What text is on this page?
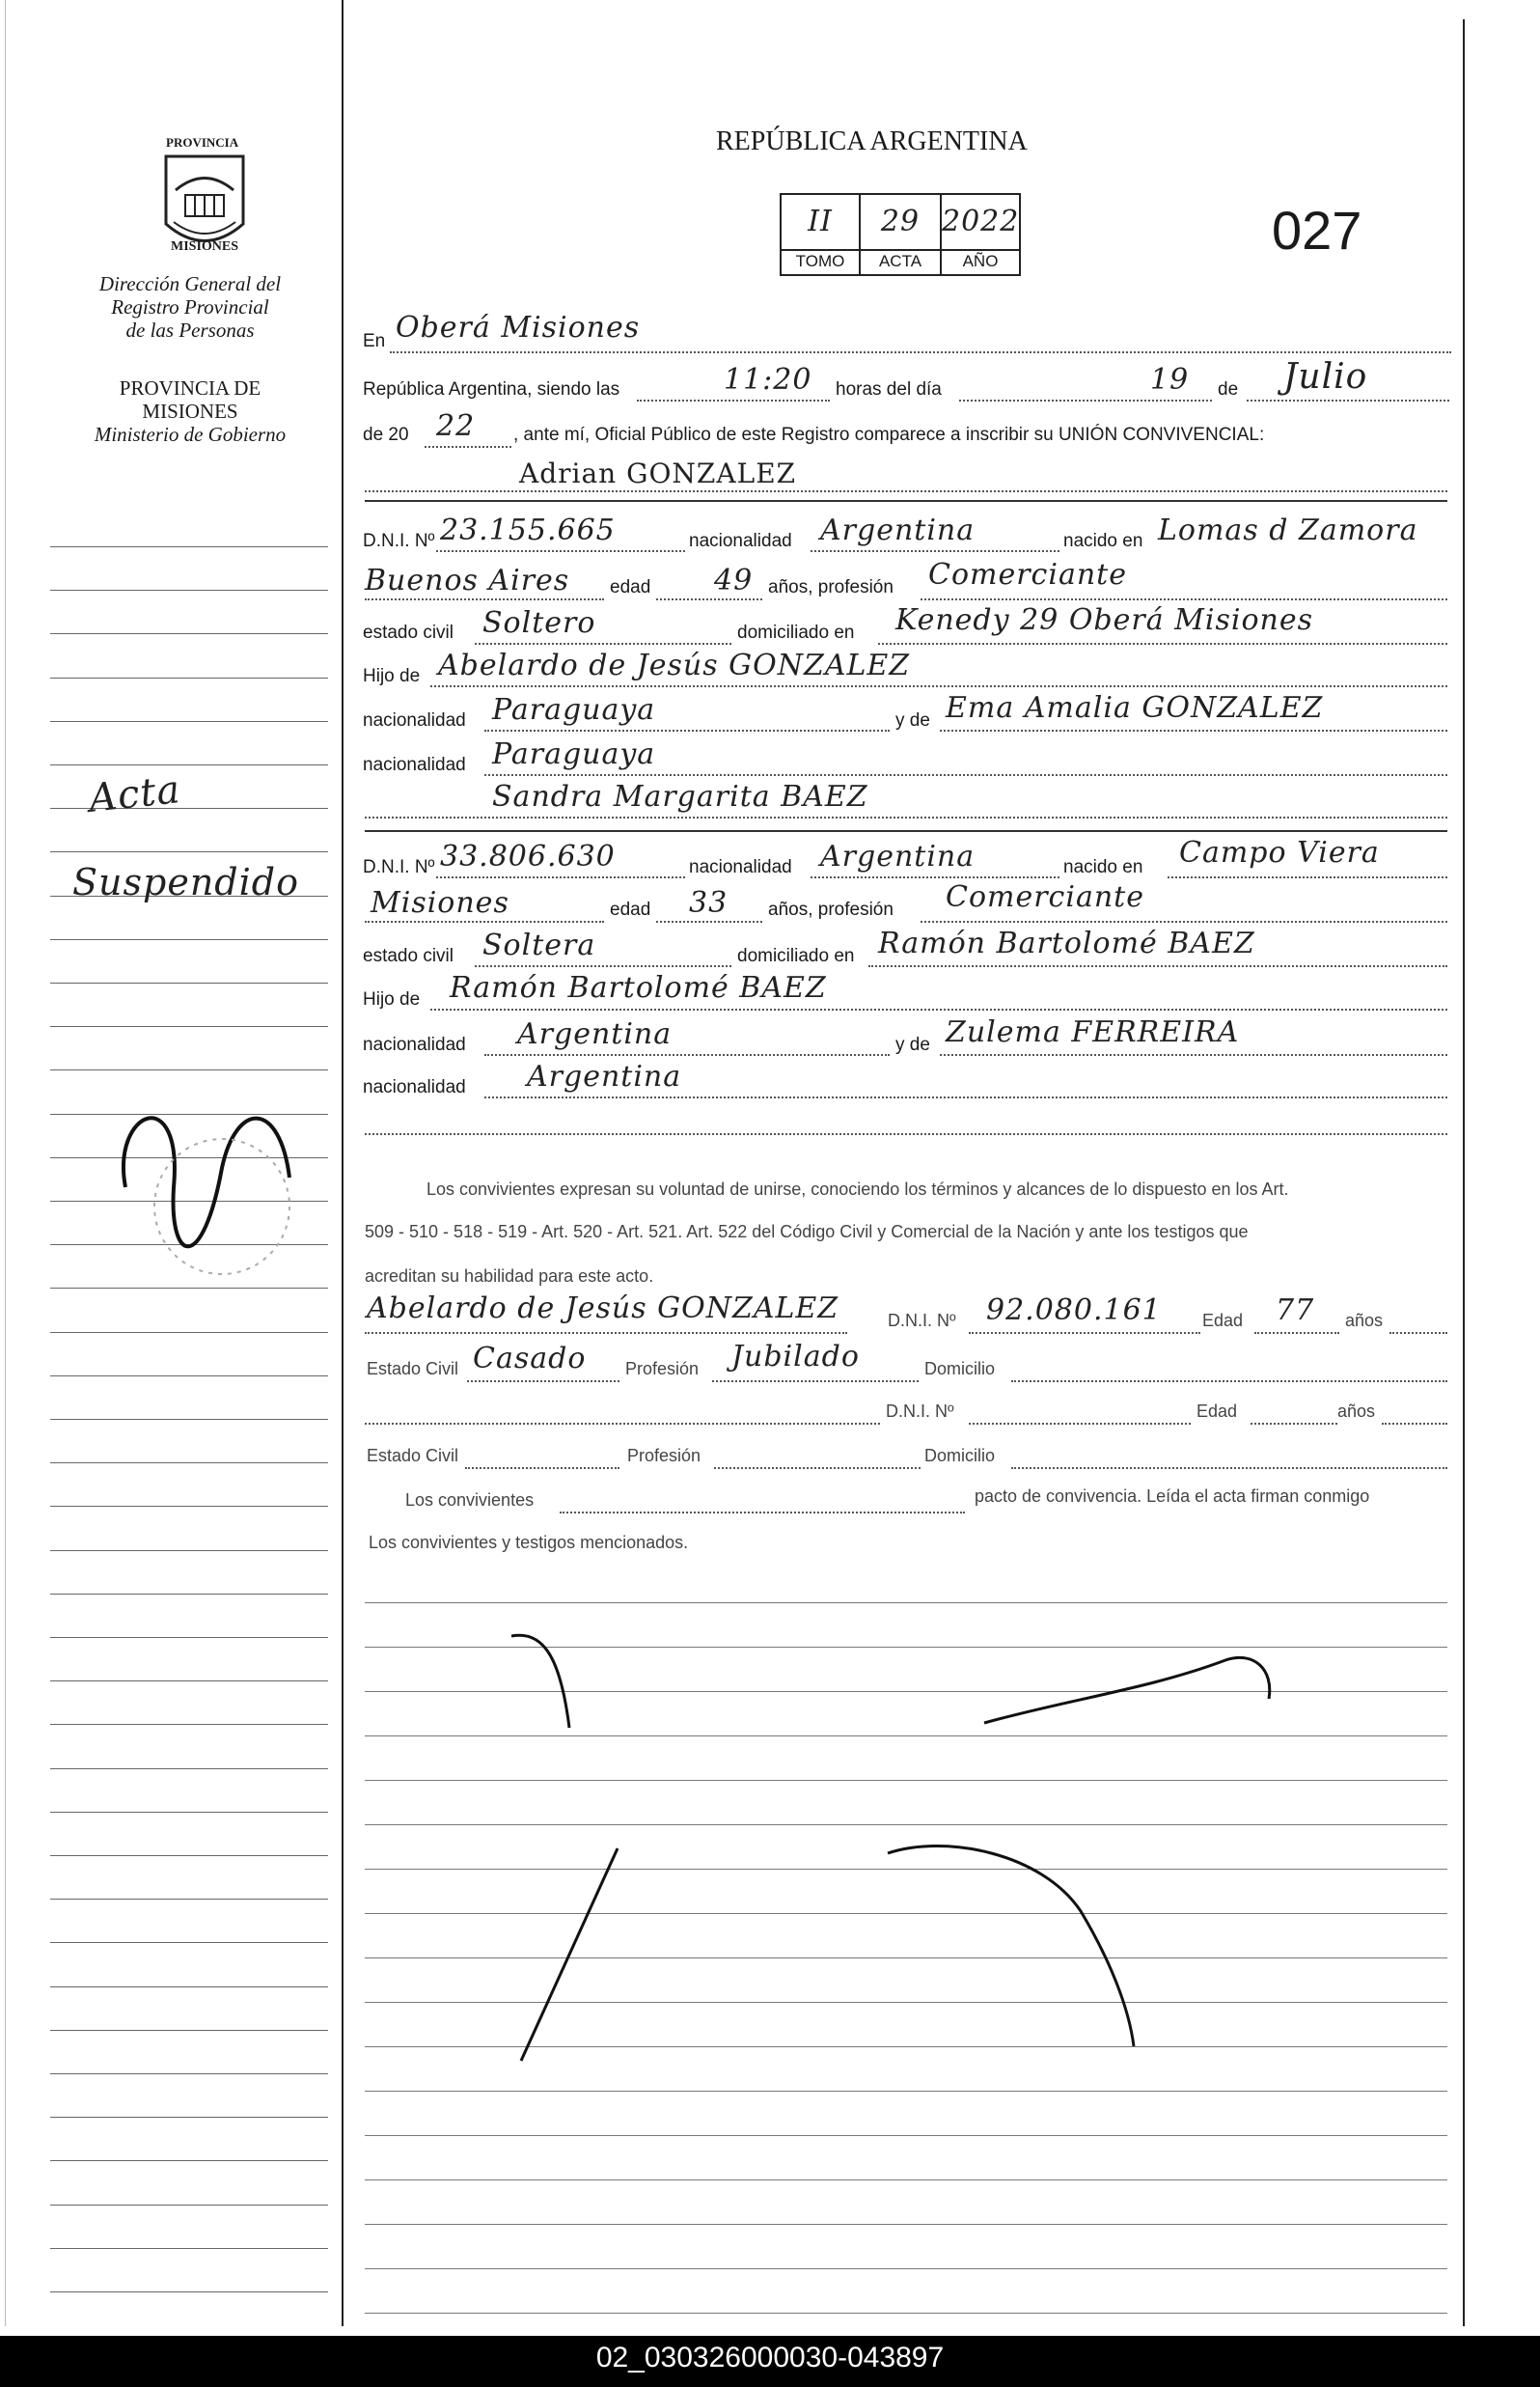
PROVINCIA
MISIONES
Dirección General del
Registro Provincial
de las Personas
PROVINCIA DE
MISIONES
Ministerio de Gobierno
Acta
Suspendido
REPÚBLICA ARGENTINA
II	29 2022
TOMO	ACTA	AÑO
027
En Oberá Misiones
República Argentina, siendo las	11:20 horas del día	19 de Julio
de 20 22 , ante mí, Oficial Público de este Registro comparece a inscribir su UNIÓN CONVIVENCIAL:
Adrian GONZALEZ
D.N.I. Nº 23.155.665	nacionalidad Argentina	nacido en Lomas d Zamora
Buenos Aires edad 49 años, profesión Comerciante
estado civil Soltero	domiciliado en Kenedy 29 Oberá Misiones
Hijo de Abelardo de Jesús GONZALEZ
nacionalidad Paraguaya	y de Ema Amalia GONZALEZ
nacionalidad Paraguaya
Sandra Margarita BAEZ
D.N.I. Nº 33.806.630	nacionalidad Argentina	nacido en Campo Viera
Misiones	edad 33 años, profesión Comerciante
estado civil Soltera	domiciliado en Ramón Bartolomé BAEZ
Hijo de Ramón Bartolomé BAEZ
nacionalidad Argentina	y de Zulema FERREIRA
nacionalidad Argentina
Los convivientes expresan su voluntad de unirse, conociendo los términos y alcances de lo dispuesto en los Art.
509 - 510 - 518 - 519 - Art. 520 - Art. 521. Art. 522 del Código Civil y Comercial de la Nación y ante los testigos que
acreditan su habilidad para este acto.
Abelardo de Jesús GONZALEZ	D.N.I. Nº 92.080.161 Edad 77 años
Estado Civil Casado Profesión Jubilado	Domicilio
D.N.I. Nº	Edad	años
Estado Civil	Profesión	Domicilio
Los convivientes	pacto de convivencia. Leída el acta firman conmigo
Los convivientes y testigos mencionados.
02_030326000030-043897
